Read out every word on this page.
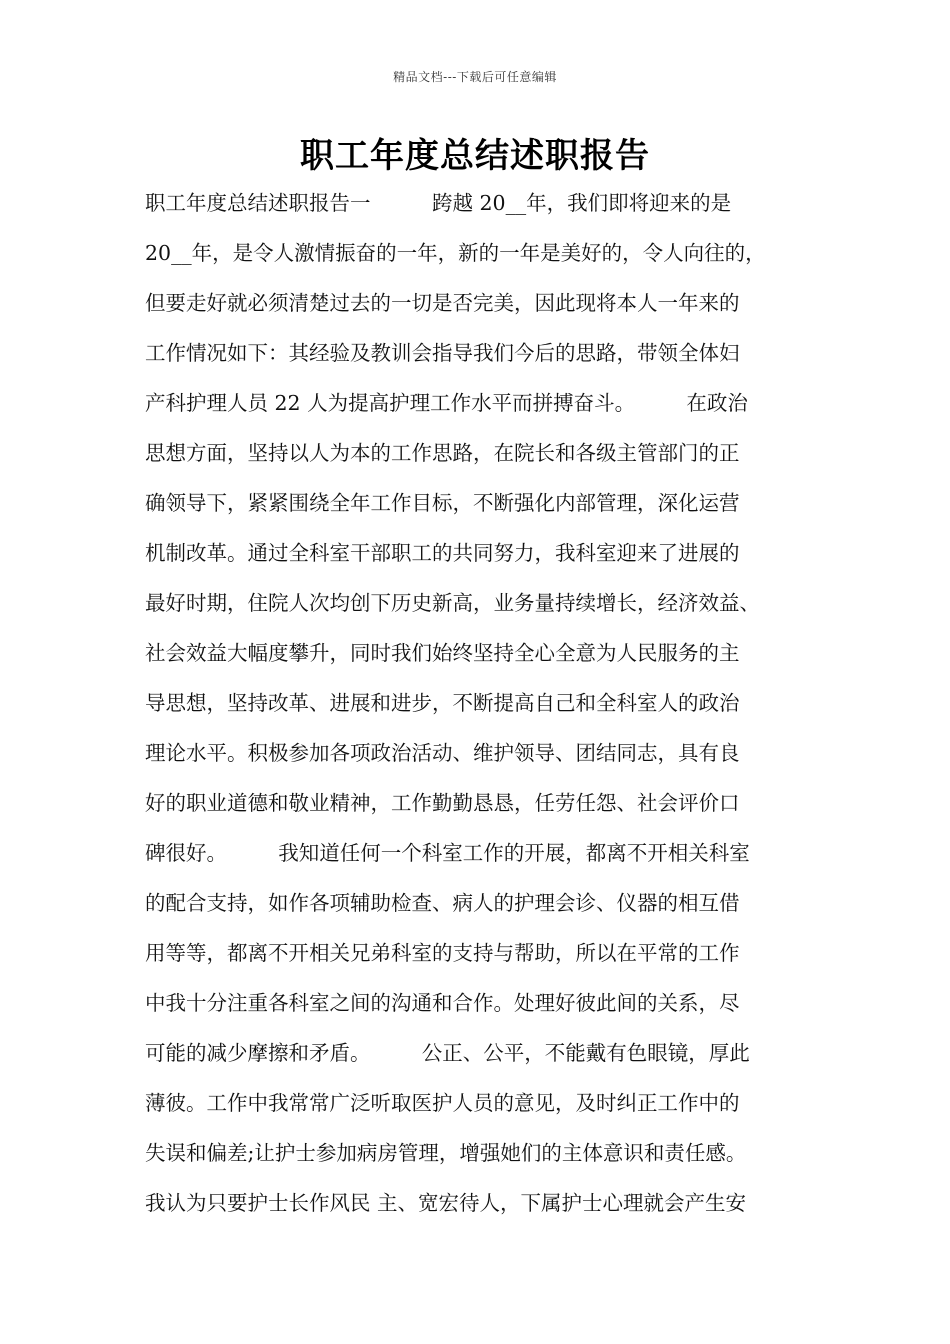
精品文档---下载后可任意编辑
职工年度总结述职报告
职工年度总结述职报告一　　　跨越 20__年，我们即将迎来的是
20__年，是令人激情振奋的一年，新的一年是美好的，令人向往的，
但要走好就必须清楚过去的一切是否完美，因此现将本人一年来的
工作情况如下：其经验及教训会指导我们今后的思路，带领全体妇
产科护理人员 22 人为提高护理工作水平而拼搏奋斗。　　　在政治
思想方面，坚持以人为本的工作思路，在院长和各级主管部门的正
确领导下，紧紧围绕全年工作目标，不断强化内部管理，深化运营
机制改革。通过全科室干部职工的共同努力，我科室迎来了进展的
最好时期，住院人次均创下历史新高，业务量持续增长，经济效益、
社会效益大幅度攀升，同时我们始终坚持全心全意为人民服务的主
导思想，坚持改革、进展和进步，不断提高自己和全科室人的政治
理论水平。积极参加各项政治活动、维护领导、团结同志，具有良
好的职业道德和敬业精神，工作勤勤恳恳，任劳任怨、社会评价口
碑很好。　　　我知道任何一个科室工作的开展，都离不开相关科室
的配合支持，如作各项辅助检查、病人的护理会诊、仪器的相互借
用等等，都离不开相关兄弟科室的支持与帮助，所以在平常的工作
中我十分注重各科室之间的沟通和合作。处理好彼此间的关系，尽
可能的减少摩擦和矛盾。　　　公正、公平，不能戴有色眼镜，厚此
薄彼。工作中我常常广泛听取医护人员的意见，及时纠正工作中的
失误和偏差;让护士参加病房管理，增强她们的主体意识和责任感。
我认为只要护士长作风民 主、宽宏待人，下属护士心理就会产生安
